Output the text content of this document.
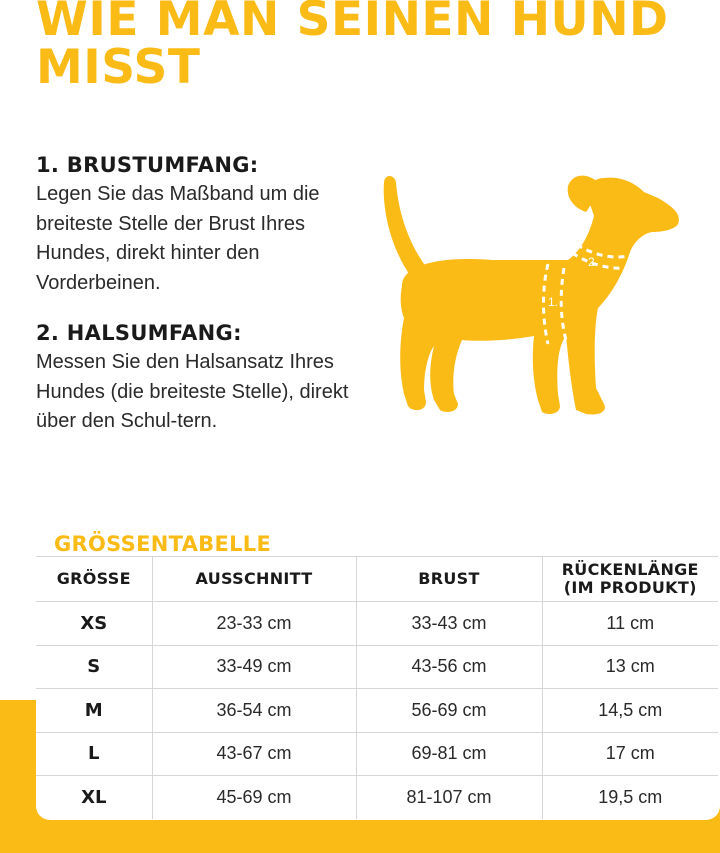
WIE MAN SEINEN HUND
MISST
1. BRUSTUMFANG:

Legen Sie das Maßband um die breiteste Stelle der Brust Ihres Hundes, direkt hinter den Vorderbeinen.

2. HALSUMFANG:

Messen Sie den Halsansatz Ihres Hundes (die breiteste Stelle), direkt über den Schul-tern.

1.
2.
GRÖSSENTABELLE
GRÖSSE	AUSSCHNITT	BRUST	RÜCKENLÄNGE
(IM PRODUKT)

XS	23-33 cm	33-43 cm	11 cm
S	33-49 cm	43-56 cm	13 cm
M	36-54 cm	56-69 cm	14,5 cm
L	43-67 cm	69-81 cm	17 cm
XL	45-69 cm	81-107 cm	19,5 cm
